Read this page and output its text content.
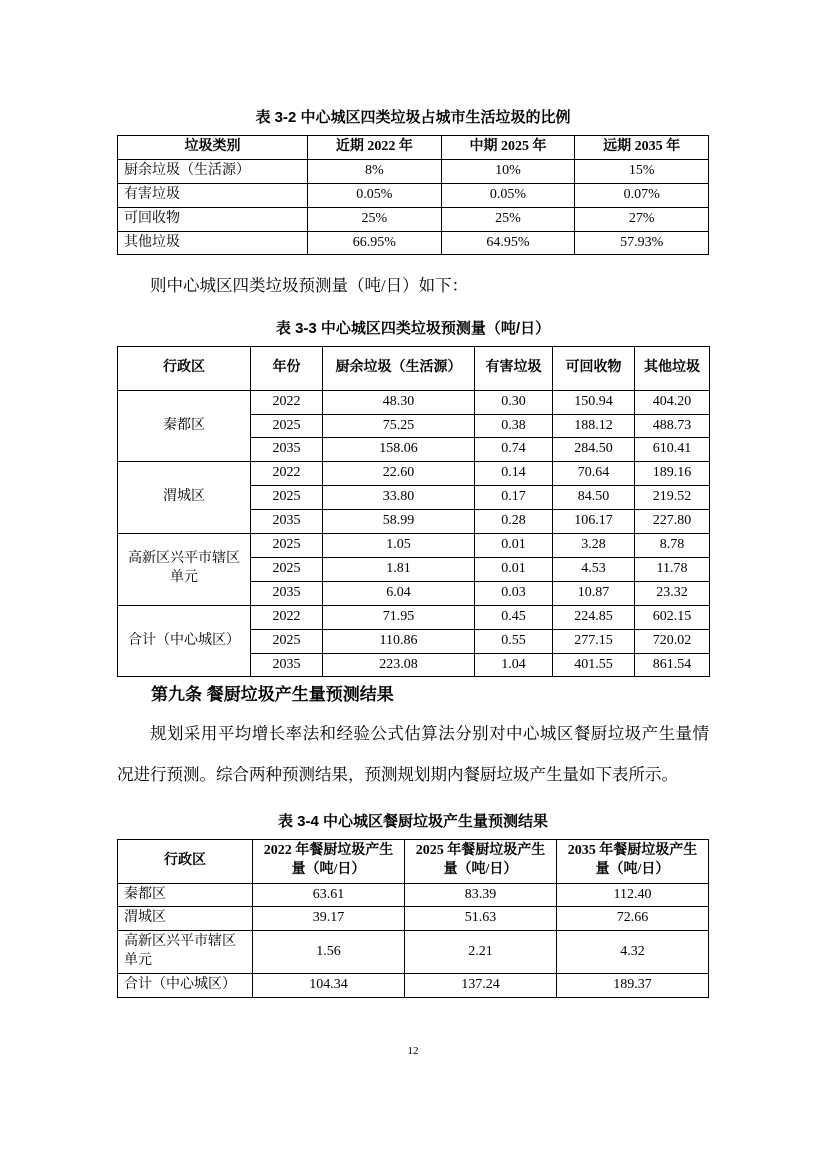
表 3-2 中心城区四类垃圾占城市生活垃圾的比例
垃圾类别	近期 2022 年	中期 2025 年	远期 2035 年
厨余垃圾（生活源）	8%	10%	15%
有害垃圾	0.05%	0.05%	0.07%
可回收物	25%	25%	27%
其他垃圾	66.95%	64.95%	57.93%

则中心城区四类垃圾预测量（吨/日）如下：

表 3-3 中心城区四类垃圾预测量（吨/日）
行政区	年份	厨余垃圾（生活源）	有害垃圾	可回收物	其他垃圾
秦都区	2022	48.30	0.30	150.94	404.20
	2025	75.25	0.38	188.12	488.73
	2035	158.06	0.74	284.50	610.41
渭城区	2022	22.60	0.14	70.64	189.16
	2025	33.80	0.17	84.50	219.52
	2035	58.99	0.28	106.17	227.80
高新区兴平市辖区单元	2025	1.05	0.01	3.28	8.78
	2025	1.81	0.01	4.53	11.78
	2035	6.04	0.03	10.87	23.32
合计（中心城区）	2022	71.95	0.45	224.85	602.15
	2025	110.86	0.55	277.15	720.02
	2035	223.08	1.04	401.55	861.54
第九条 餐厨垃圾产生量预测结果

规划采用平均增长率法和经验公式估算法分别对中心城区餐厨垃圾产生量情况进行预测。综合两种预测结果，预测规划期内餐厨垃圾产生量如下表所示。

表 3-4 中心城区餐厨垃圾产生量预测结果
行政区	2022 年餐厨垃圾产生量（吨/日）	2025 年餐厨垃圾产生量（吨/日）	2035 年餐厨垃圾产生量（吨/日）
秦都区	63.61	83.39	112.40
渭城区	39.17	51.63	72.66
高新区兴平市辖区单元	1.56	2.21	4.32
合计（中心城区）	104.34	137.24	189.37
12
